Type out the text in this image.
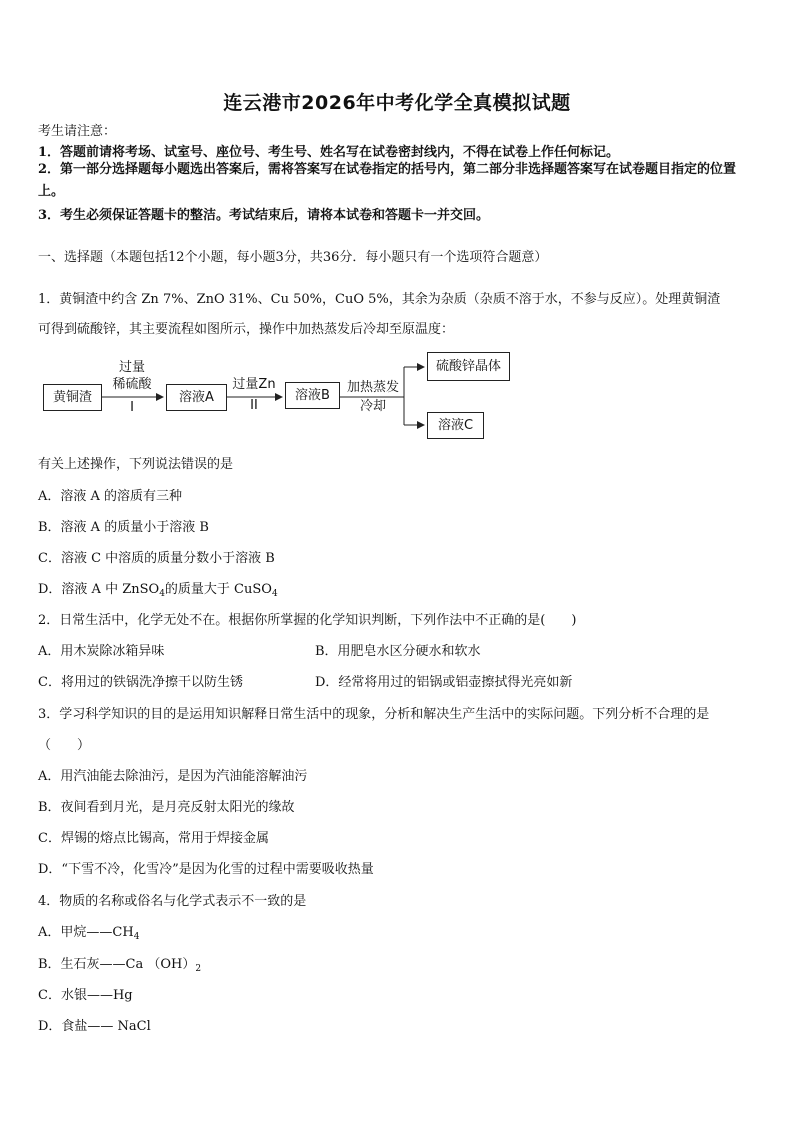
连云港市2026年中考化学全真模拟试题
考生请注意：
1．答题前请将考场、试室号、座位号、考生号、姓名写在试卷密封线内，不得在试卷上作任何标记。
2．第一部分选择题每小题选出答案后，需将答案写在试卷指定的括号内，第二部分非选择题答案写在试卷题目指定的位置上。
3．考生必须保证答题卡的整洁。考试结束后，请将本试卷和答题卡一并交回。
一、选择题（本题包括12个小题，每小题3分，共36分．每小题只有一个选项符合题意）
1．黄铜渣中约含 Zn 7%、ZnO 31%、Cu 50%，CuO 5%，其余为杂质（杂质不溶于水，不参与反应）。处理黄铜渣
可得到硫酸锌，其主要流程如图所示，操作中加热蒸发后冷却至原温度：
黄铜渣	溶液A	溶液B
硫酸锌晶体
溶液C
过量
稀硫酸
I
过量Zn
II
加热蒸发
冷却
有关上述操作，下列说法错误的是
A．溶液 A 的溶质有三种
B．溶液 A 的质量小于溶液 B
C．溶液 C 中溶质的质量分数小于溶液 B
D．溶液 A 中 ZnSO$_4$的质量大于 CuSO$_4$
2．日常生活中，化学无处不在。根据你所掌握的化学知识判断，下列作法中不正确的是(　　)
A．用木炭除冰箱异味	B．用肥皂水区分硬水和软水
C．将用过的铁锅洗净擦干以防生锈	D．经常将用过的铝锅或铝壶擦拭得光亮如新
3．学习科学知识的目的是运用知识解释日常生活中的现象，分析和解决生产生活中的实际问题。下列分析不合理的是
（　　）
A．用汽油能去除油污，是因为汽油能溶解油污
B．夜间看到月光，是月亮反射太阳光的缘故
C．焊锡的熔点比锡高，常用于焊接金属
D．“下雪不冷，化雪冷”是因为化雪的过程中需要吸收热量
4．物质的名称或俗名与化学式表示不一致的是
A．甲烷$——CH_4$
B．生石灰——Ca $(OH)_2$
C．水银——Hg
D．食盐—— NaCl
